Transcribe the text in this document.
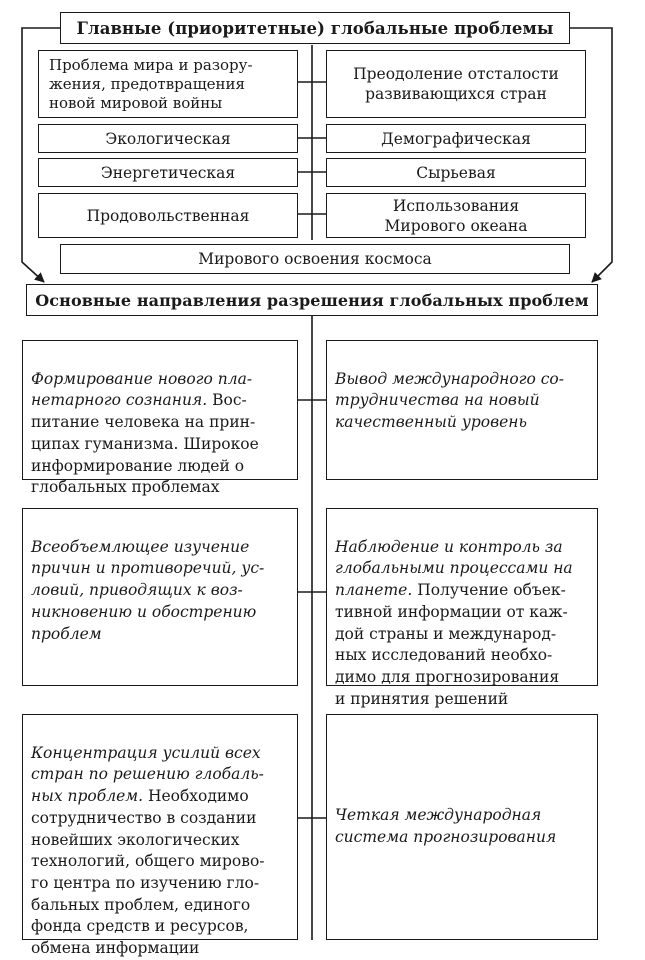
Главные (приоритетные) глобальные проблемы
Проблема мира и разору-
жения, предотвращения
новой мировой войны
Преодоление отсталости
развивающихся стран
Экологическая	Демографическая
Энергетическая	Сырьевая
Продовольственная
Использования
Мирового океана
Мирового освоения космоса
Основные направления разрешения глобальных проблем

Формирование нового пла-
нетарного сознания. Вос-
питание человека на прин-
ципах гуманизма. Широкое
информирование людей о
глобальных проблемах

Вывод международного со-
трудничества на новый
качественный уровень

Всеобъемлющее изучение
причин и противоречий, ус-
ловий, приводящих к воз-
никновению и обострению
проблем

Наблюдение и контроль за
глобальными процессами на
планете. Получение объек-
тивной информации от каж-
дой страны и международ-
ных исследований необхо-
димо для прогнозирования
и принятия решений

Концентрация усилий всех
стран по решению глобаль-
ных проблем. Необходимо
сотрудничество в создании
новейших экологических
технологий, общего мирово-
го центра по изучению гло-
бальных проблем, единого
фонда средств и ресурсов,
обмена информации

Четкая международная
система прогнозирования
